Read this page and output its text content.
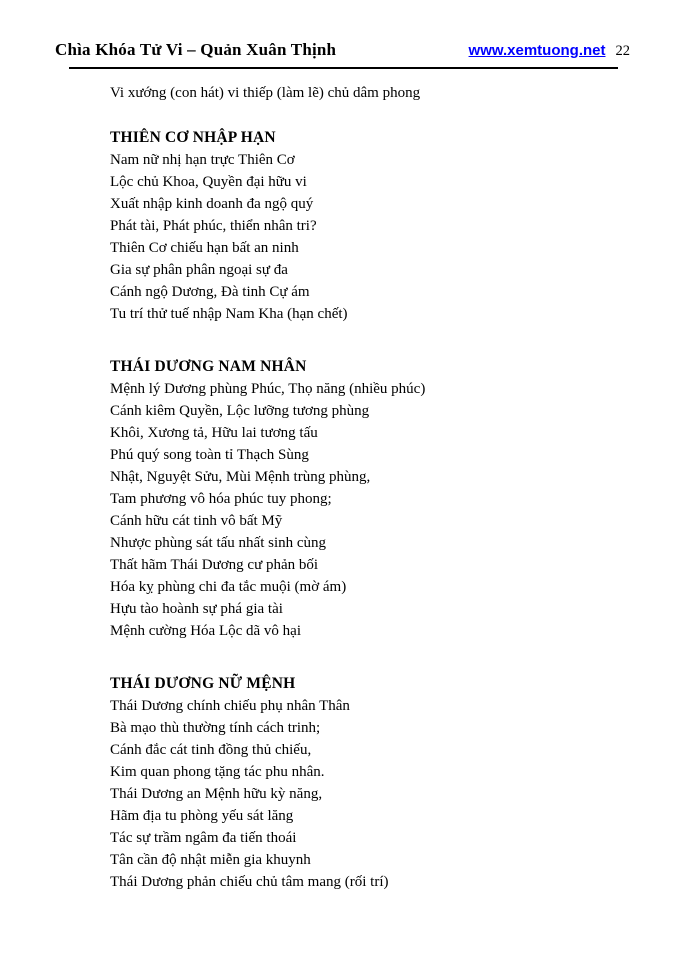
Chìa Khóa Tử Vi – Quản Xuân Thịnh	www.xemtuong.net 22

Vi xướng (con hát) vi thiếp (làm lẽ) chủ dâm phong

THIÊN CƠ NHẬP HẠN

Nam nữ nhị hạn trực Thiên Cơ

Lộc chủ Khoa, Quyền đại hữu vi

Xuất nhập kinh doanh đa ngộ quý

Phát tài, Phát phúc, thiển nhân tri?

Thiên Cơ chiếu hạn bất an ninh

Gia sự phân phân ngoại sự đa

Cánh ngộ Dương, Đà tinh Cự ám

Tu trí thử tuế nhập Nam Kha (hạn chết)

THÁI DƯƠNG NAM NHÂN

Mệnh lý Dương phùng Phúc, Thọ năng (nhiều phúc)

Cánh kiêm Quyền, Lộc lưỡng tương phùng

Khôi, Xương tả, Hữu lai tương tấu

Phú quý song toàn tỉ Thạch Sùng

Nhật, Nguyệt Sửu, Mùi Mệnh trùng phùng,

Tam phương vô hóa phúc tuy phong;

Cánh hữu cát tinh vô bất Mỹ

Nhược phùng sát tấu nhất sinh cùng

Thất hãm Thái Dương cư phản bối

Hóa kỵ phùng chi đa tắc muội (mờ ám)

Hựu tào hoành sự phá gia tài

Mệnh cường Hóa Lộc dã vô hại

THÁI DƯƠNG NỮ MỆNH

Thái Dương chính chiếu phụ nhân Thân

Bà mạo thù thường tính cách trinh;

Cánh đắc cát tinh đồng thủ chiếu,

Kim quan phong tặng tác phu nhân.

Thái Dương an Mệnh hữu kỳ năng,

Hãm địa tu phòng yếu sát lăng

Tác sự trầm ngâm đa tiến thoái

Tân cần độ nhật miễn gia khuynh

Thái Dương phản chiếu chủ tâm mang (rối trí)
